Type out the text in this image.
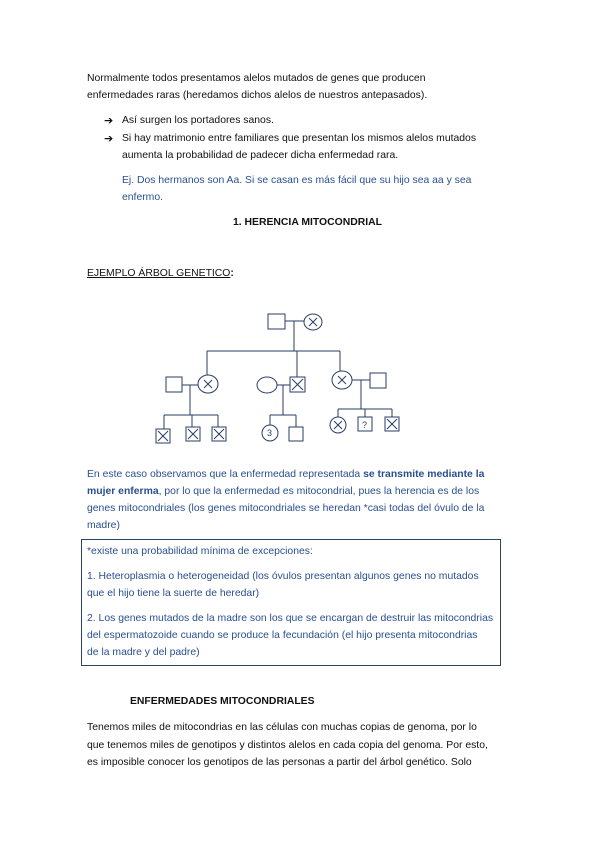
Normalmente todos presentamos alelos mutados de genes que producen
enfermedades raras (heredamos dichos alelos de nuestros antepasados).
➔ Así surgen los portadores sanos.
➔ Si hay matrimonio entre familiares que presentan los mismos alelos mutados
aumenta la probabilidad de padecer dicha enfermedad rara.
Ej. Dos hermanos son Aa. Si se casan es más fácil que su hijo sea aa y sea
enfermo.
1. HERENCIA MITOCONDRIAL
EJEMPLO ÁRBOL GENETICO:
3
?
En este caso observamos que la enfermedad representada se transmite mediante la
mujer enferma, por lo que la enfermedad es mitocondrial, pues la herencia es de los
genes mitocondriales (los genes mitocondriales se heredan *casi todas del óvulo de la
madre)
*existe una probabilidad mínima de excepciones:
1. Heteroplasmia o heterogeneidad (los óvulos presentan algunos genes no mutados
que el hijo tiene la suerte de heredar)
2. Los genes mutados de la madre son los que se encargan de destruir las mitocondrias
del espermatozoide cuando se produce la fecundación (el hijo presenta mitocondrias
de la madre y del padre)
ENFERMEDADES MITOCONDRIALES
Tenemos miles de mitocondrias en las células con muchas copias de genoma, por lo
que tenemos miles de genotipos y distintos alelos en cada copia del genoma. Por esto,
es imposible conocer los genotipos de las personas a partir del árbol genético. Solo
